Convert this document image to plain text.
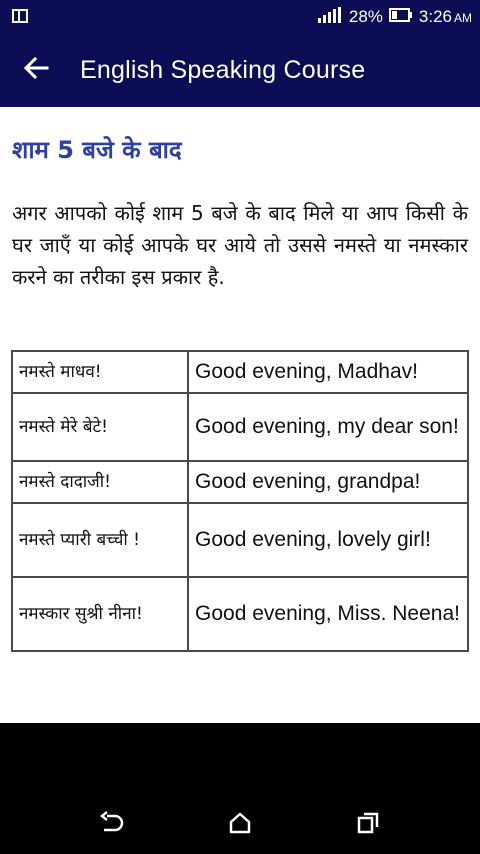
28% 3:26 AM
English Speaking Course
शाम 5 बजे के बाद

अगर आपको कोई शाम 5 बजे के बाद मिले या आप किसी के घर जाएँ या कोई आपके घर आये तो उससे नमस्ते या नमस्कार करने का तरीका इस प्रकार है.

नमस्ते माधव!	Good evening, Madhav!
नमस्ते मेरे बेटे!	Good evening, my dear son!
नमस्ते दादाजी!	Good evening, grandpa!
नमस्ते प्यारी बच्ची !	Good evening, lovely girl!
नमस्कार सुश्री नीना!	Good evening, Miss. Neena!
